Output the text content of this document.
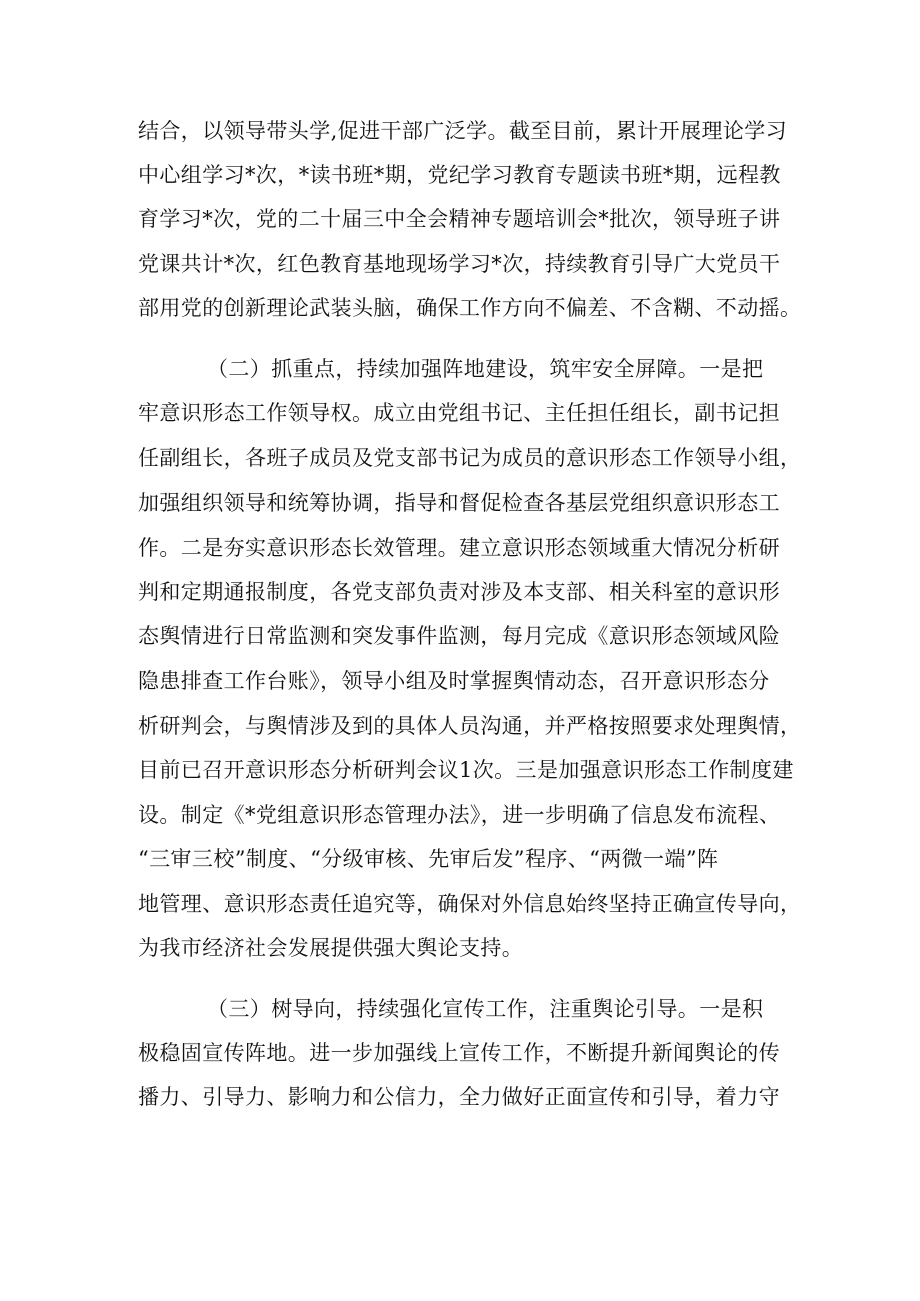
结合，以领导带头学,促进干部广泛学。截至目前，累计开展理论学习
中心组学习*次，*读书班*期，党纪学习教育专题读书班*期，远程教
育学习*次，党的二十届三中全会精神专题培训会*批次，领导班子讲
党课共计*次，红色教育基地现场学习*次，持续教育引导广大党员干
部用党的创新理论武装头脑，确保工作方向不偏差、不含糊、不动摇。
（二）抓重点，持续加强阵地建设，筑牢安全屏障。一是把
牢意识形态工作领导权。成立由党组书记、主任担任组长，副书记担
任副组长，各班子成员及党支部书记为成员的意识形态工作领导小组，
加强组织领导和统筹协调，指导和督促检查各基层党组织意识形态工
作。二是夯实意识形态长效管理。建立意识形态领域重大情况分析研
判和定期通报制度，各党支部负责对涉及本支部、相关科室的意识形
态舆情进行日常监测和突发事件监测，每月完成《意识形态领域风险
隐患排查工作台账》，领导小组及时掌握舆情动态，召开意识形态分
析研判会，与舆情涉及到的具体人员沟通，并严格按照要求处理舆情，
目前已召开意识形态分析研判会议1次。三是加强意识形态工作制度建
设。制定《*党组意识形态管理办法》，进一步明确了信息发布流程、
“三审三校”制度、“分级审核、先审后发”程序、“两微一端”阵
地管理、意识形态责任追究等，确保对外信息始终坚持正确宣传导向，
为我市经济社会发展提供强大舆论支持。
（三）树导向，持续强化宣传工作，注重舆论引导。一是积
极稳固宣传阵地。进一步加强线上宣传工作，不断提升新闻舆论的传
播力、引导力、影响力和公信力，全力做好正面宣传和引导，着力守
